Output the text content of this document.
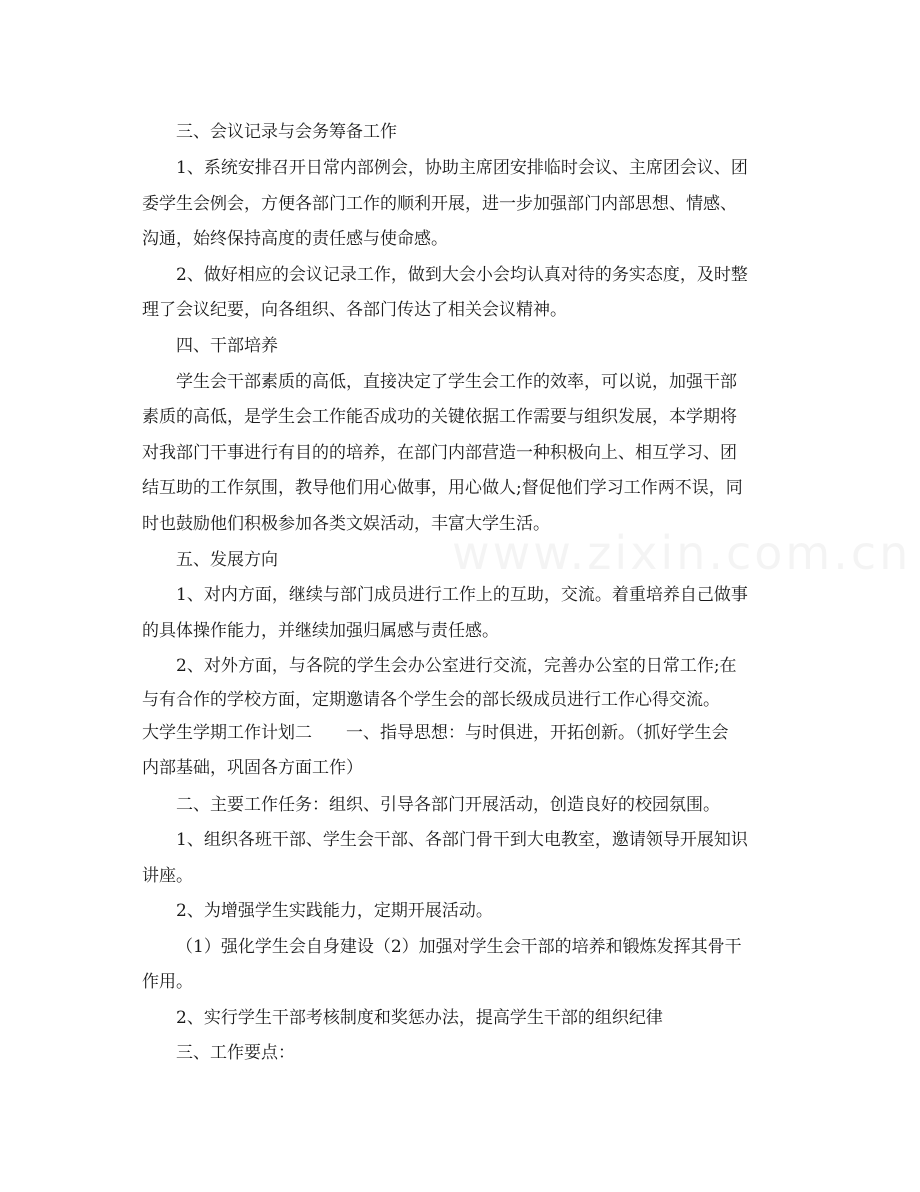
三、会议记录与会务筹备工作
1、系统安排召开日常内部例会，协助主席团安排临时会议、主席团会议、团
委学生会例会，方便各部门工作的顺利开展，进一步加强部门内部思想、情感、
沟通，始终保持高度的责任感与使命感。
2、做好相应的会议记录工作，做到大会小会均认真对待的务实态度，及时整
理了会议纪要，向各组织、各部门传达了相关会议精神。
四、干部培养
学生会干部素质的高低，直接决定了学生会工作的效率，可以说，加强干部
素质的高低，是学生会工作能否成功的关键依据工作需要与组织发展，本学期将
对我部门干事进行有目的的培养，在部门内部营造一种积极向上、相互学习、团
结互助的工作氛围，教导他们用心做事，用心做人;督促他们学习工作两不误，同
时也鼓励他们积极参加各类文娱活动，丰富大学生活。
五、发展方向
1、对内方面，继续与部门成员进行工作上的互助，交流。着重培养自己做事
的具体操作能力，并继续加强归属感与责任感。
2、对外方面，与各院的学生会办公室进行交流，完善办公室的日常工作;在
与有合作的学校方面，定期邀请各个学生会的部长级成员进行工作心得交流。
大学生学期工作计划二　　一、指导思想：与时俱进，开拓创新。（抓好学生会
内部基础，巩固各方面工作）
二、主要工作任务：组织、引导各部门开展活动，创造良好的校园氛围。
1、组织各班干部、学生会干部、各部门骨干到大电教室，邀请领导开展知识
讲座。
2、为增强学生实践能力，定期开展活动。
（1）强化学生会自身建设（2）加强对学生会干部的培养和锻炼发挥其骨干
作用。
2、实行学生干部考核制度和奖惩办法，提高学生干部的组织纪律
三、工作要点：
